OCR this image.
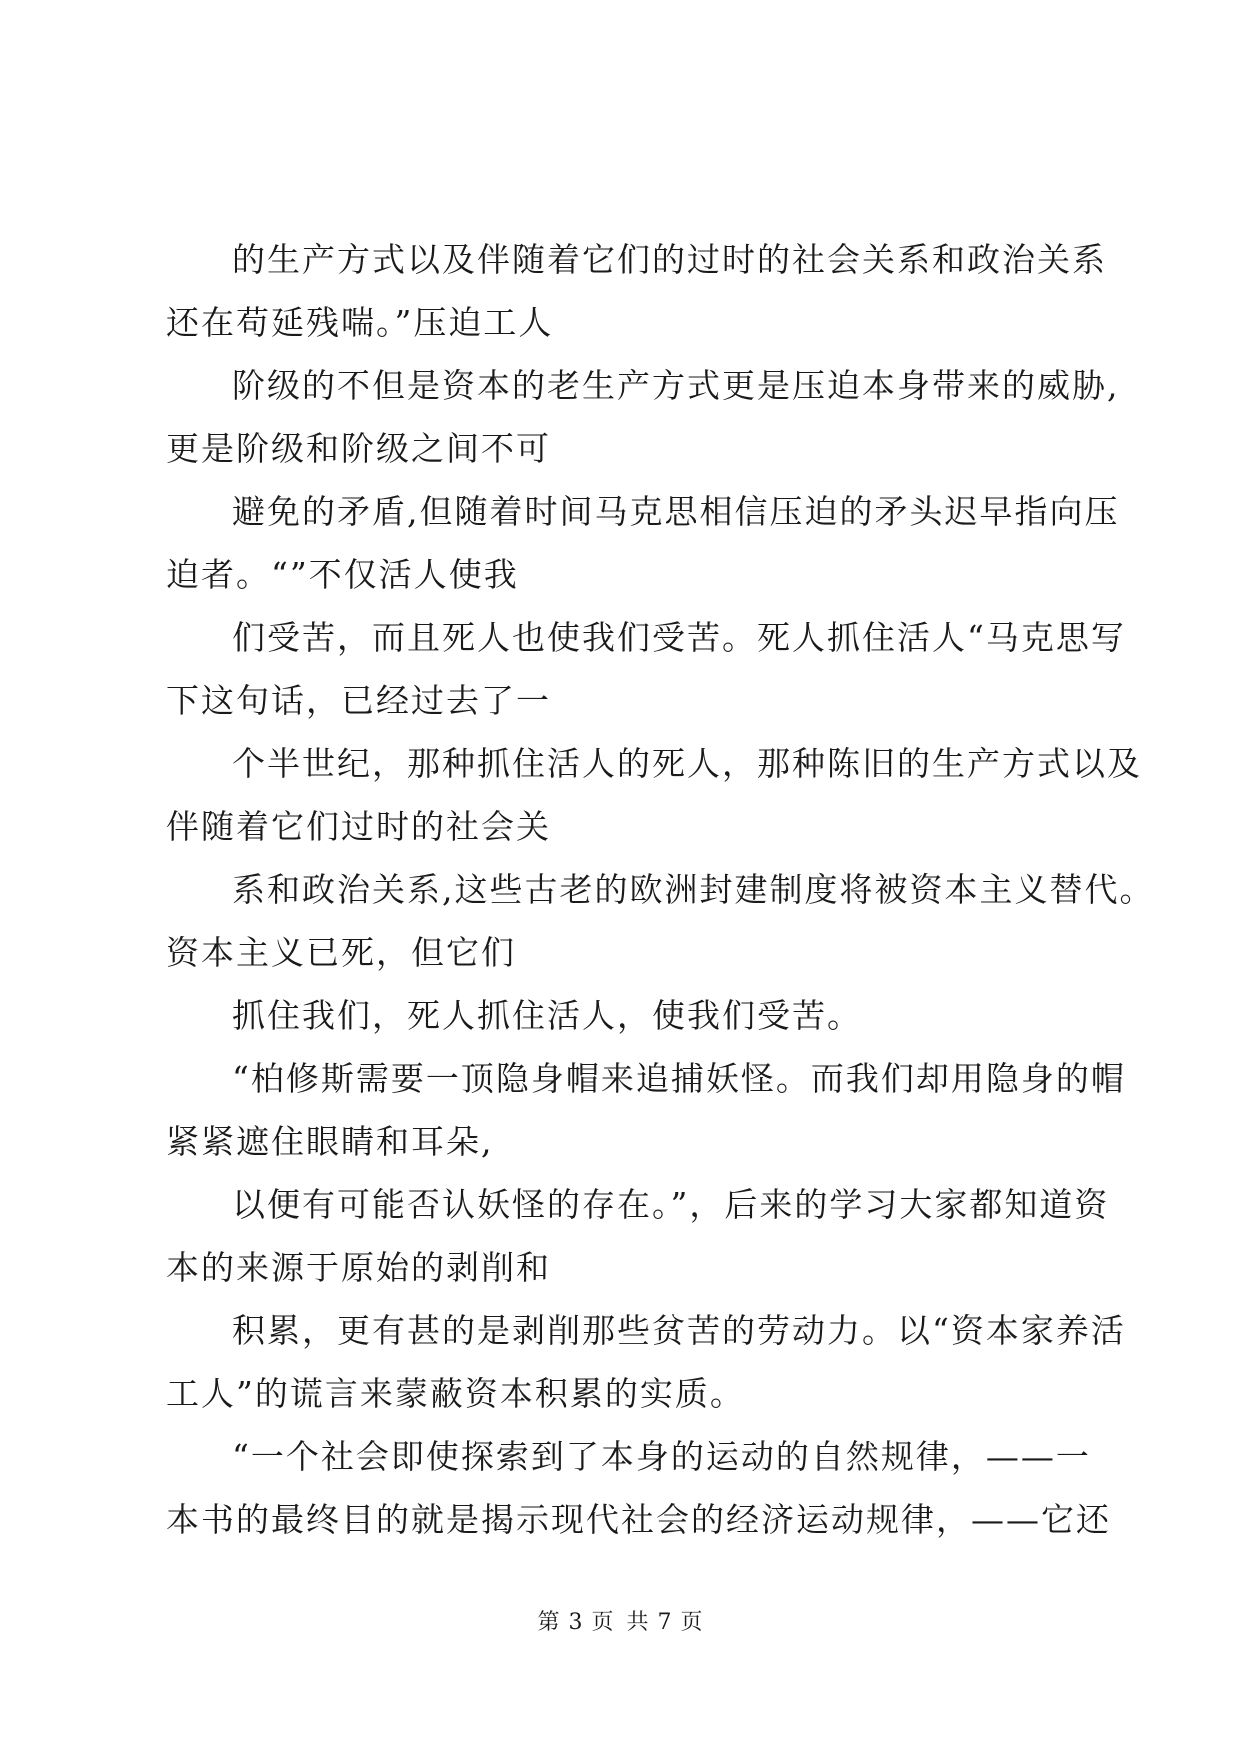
的生产方式以及伴随着它们的过时的社会关系和政治关系
还在苟延残喘。”压迫工人

阶级的不但是资本的老生产方式更是压迫本身带来的威胁,
更是阶级和阶级之间不可

避免的矛盾,但随着时间马克思相信压迫的矛头迟早指向压
迫者。“”不仅活人使我

们受苦，而且死人也使我们受苦。死人抓住活人“马克思写
下这句话，已经过去了一

个半世纪，那种抓住活人的死人，那种陈旧的生产方式以及
伴随着它们过时的社会关

系和政治关系,这些古老的欧洲封建制度将被资本主义替代。
资本主义已死，但它们

抓住我们，死人抓住活人，使我们受苦。

“柏修斯需要一顶隐身帽来追捕妖怪。而我们却用隐身的帽
紧紧遮住眼睛和耳朵,

以便有可能否认妖怪的存在。”，后来的学习大家都知道资
本的来源于原始的剥削和

积累，更有甚的是剥削那些贫苦的劳动力。以“资本家养活
工人”的谎言来蒙蔽资本积累的实质。

“一个社会即使探索到了本身的运动的自然规律，——一
本书的最终目的就是揭示现代社会的经济运动规律，——它还

第 3 页 共 7 页
